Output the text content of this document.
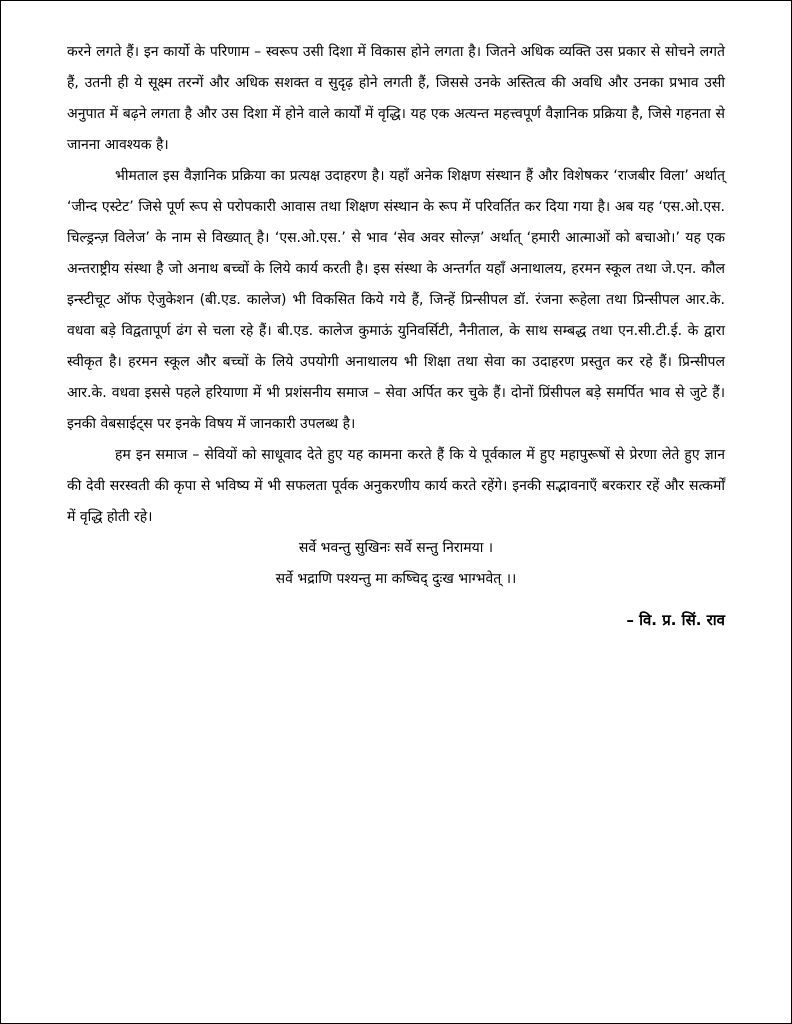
करने लगते हैं। इन कार्यो के परिणाम – स्वरूप उसी दिशा में विकास होने लगता है। जितने अधिक व्यक्ति उस प्रकार से सोचने लगते हैं, उतनी ही ये सूक्ष्म तरन्गें और अधिक सशक्त व सुदृढ़ होने लगती हैं, जिससे उनके अस्तित्व की अवधि और उनका प्रभाव उसी अनुपात में बढ़ने लगता है और उस दिशा में होने वाले कार्यों में वृद्धि। यह एक अत्यन्त महत्त्वपूर्ण वैज्ञानिक प्रक्रिया है, जिसे गहनता से जानना आवश्यक है।

भीमताल इस वैज्ञानिक प्रक्रिया का प्रत्यक्ष उदाहरण है। यहाँ अनेक शिक्षण संस्थान हैं और विशेषकर ‘राजबीर विला’ अर्थात् ‘जीन्द एस्टेट’ जिसे पूर्ण रूप से परोपकारी आवास तथा शिक्षण संस्थान के रूप में परिवर्तित कर दिया गया है। अब यह ‘एस.ओ.एस. चिल्ड्रन्ज़ विलेज’ के नाम से विख्यात् है। ‘एस.ओ.एस.’ से भाव ‘सेव अवर सोल्ज़’ अर्थात् ‘हमारी आत्माओं को बचाओ।’ यह एक अन्तराष्ट्रीय संस्था है जो अनाथ बच्चों के लिये कार्य करती है। इस संस्था के अन्तर्गत यहाँ अनाथालय, हरमन स्कूल तथा जे.एन. कौल इन्स्टीचूट ऑफ ऐजुकेशन (बी.एड. कालेज) भी विकसित किये गये हैं, जिन्हें प्रिन्सीपल डॉ. रंजना रूहेला तथा प्रिन्सीपल आर.के. वधवा बड़े विद्वतापूर्ण ढंग से चला रहे हैं। बी.एड. कालेज कुमाऊं युनिवर्सिटी, नैनीताल, के साथ सम्बद्ध तथा एन.सी.टी.ई. के द्वारा स्वीकृत है। हरमन स्कूल और बच्चों के लिये उपयोगी अनाथालय भी शिक्षा तथा सेवा का उदाहरण प्रस्तुत कर रहे हैं। प्रिन्सीपल आर.के. वधवा इससे पहले हरियाणा में भी प्रशंसनीय समाज – सेवा अर्पित कर चुके हैं। दोनों प्रिंसीपल बड़े समर्पित भाव से जुटे हैं। इनकी वेबसाईट्स पर इनके विषय में जानकारी उपलब्ध है।

हम इन समाज – सेवियों को साधूवाद देते हुए यह कामना करते हैं कि ये पूर्वकाल में हुए महापुरूषों से प्रेरणा लेते हुए ज्ञान की देवी सरस्वती की कृपा से भविष्य में भी सफलता पूर्वक अनुकरणीय कार्य करते रहेंगे। इनकी सद्भावनाएँ बरकरार रहें और सत्कर्मों में वृद्धि होती रहे।

सर्वे भवन्तु सुखिनः सर्वे सन्तु निरामया ।

सर्वे भद्राणि पश्यन्तु मा कष्चिद् दुःख भाग्भवेत् ।।

– वि. प्र. सिं. राव
